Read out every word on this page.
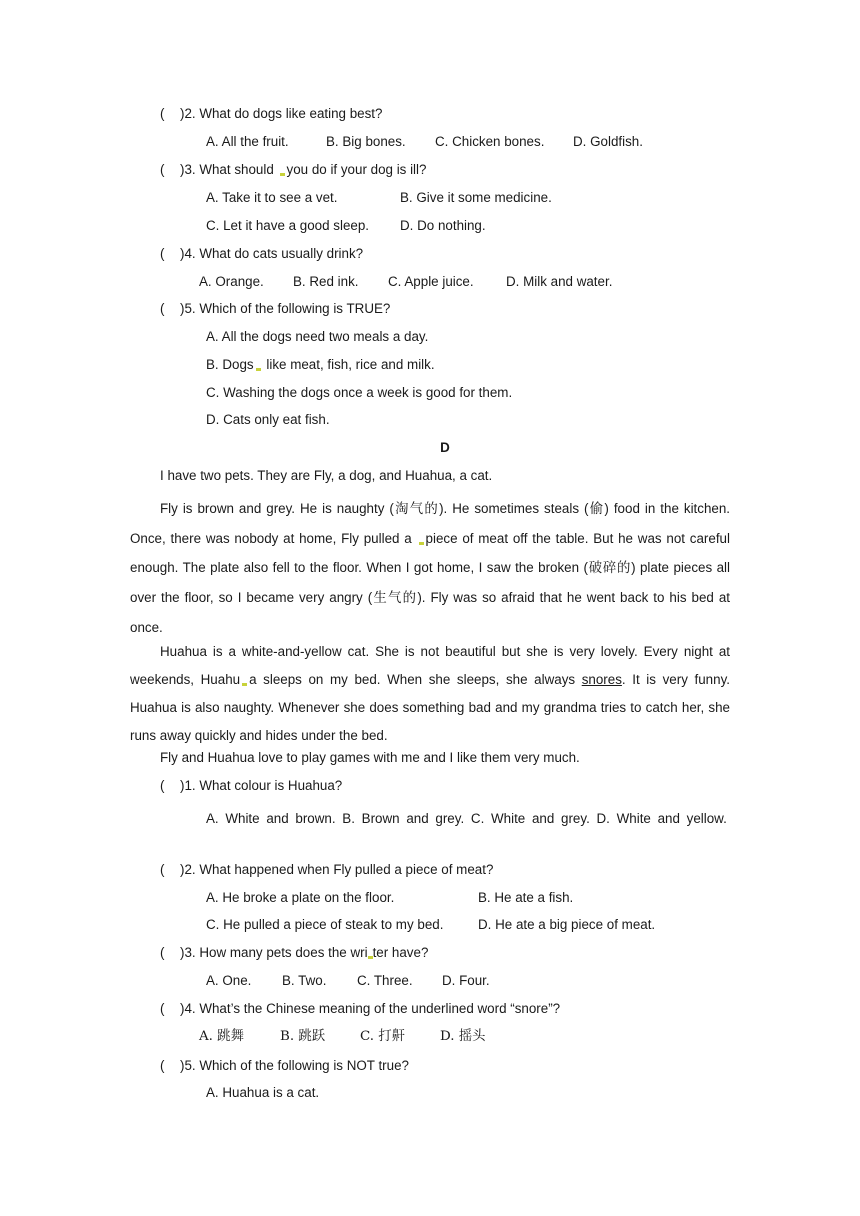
( )2. What do dogs like eating best?
A. All the fruit.	B. Big bones. C. Chicken bones. D. Goldfish.
( )3. What should you do if your dog is ill?
A. Take it to see a vet.	B. Give it some medicine.
C. Let it have a good sleep. D. Do nothing.
( )4. What do cats usually drink?
A. Orange. B. Red ink. C. Apple juice. D. Milk and water.
( )5. Which of the following is TRUE?
A. All the dogs need two meals a day.
B. Dogs like meat, fish, rice and milk.
C. Washing the dogs once a week is good for them.
D. Cats only eat fish.
D
I have two pets. They are Fly, a dog, and Huahua, a cat.
Fly is brown and grey. He is naughty (淘气的). He sometimes steals (偷) food in the kitchen. Once, there was nobody at home, Fly pulled a piece of meat off the table. But he was not careful enough. The plate also fell to the floor. When I got home, I saw the broken (破碎的) plate pieces all over the floor, so I became very angry (生气的). Fly was so afraid that he went back to his bed at once.
Huahua is a white-and-yellow cat. She is not beautiful but she is very lovely. Every night at weekends, Huahu a sleeps on my bed. When she sleeps, she always snores. It is very funny. Huahua is also naughty. Whenever she does something bad and my grandma tries to catch her, she runs away quickly and hides under the bed.
Fly and Huahua love to play games with me and I like them very much.
( )1. What colour is Huahua?
A. White and brown. B. Brown and grey. C. White and grey. D. White and yellow.
( )2. What happened when Fly pulled a piece of meat?
A. He broke a plate on the floor.	B. He ate a fish.
C. He pulled a piece of steak to my bed.	D. He ate a big piece of meat.
( )3. How many pets does the wri ter have?
A. One. B. Two. C. Three. D. Four.
( )4. What’s the Chinese meaning of the underlined word “snore”?
A. 跳舞	B. 跳跃	C. 打鼾	D. 摇头
( )5. Which of the following is NOT true?
A. Huahua is a cat.
